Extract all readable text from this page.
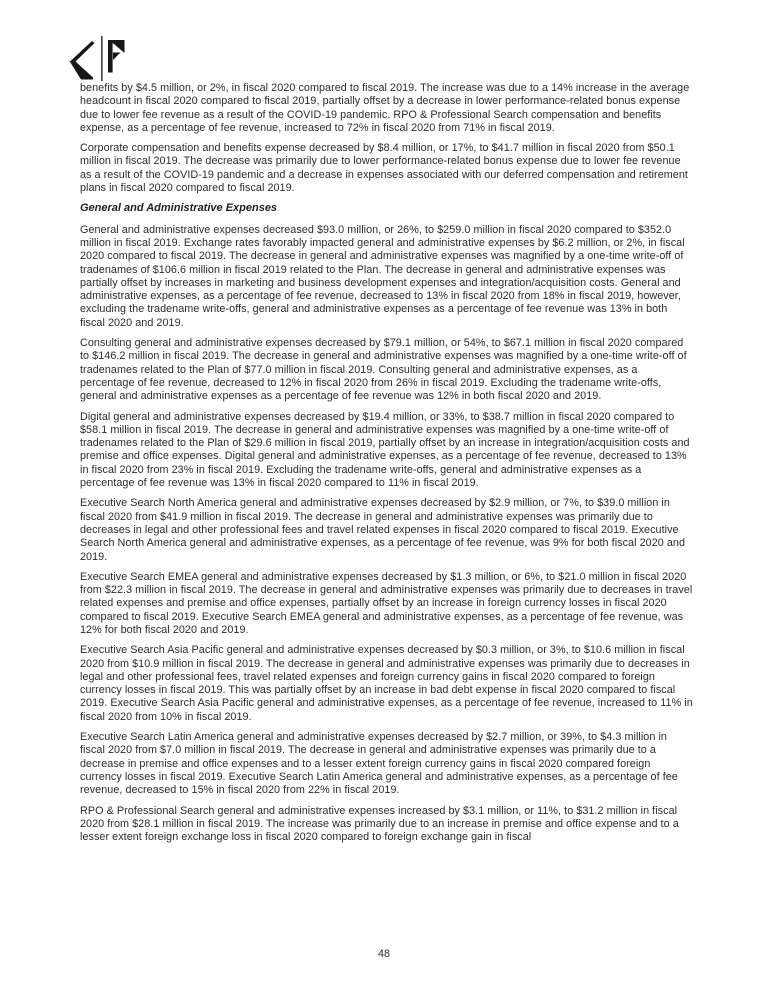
benefits by $4.5 million, or 2%, in fiscal 2020 compared to fiscal 2019. The increase was due to a 14% increase in the average headcount in fiscal 2020 compared to fiscal 2019, partially offset by a decrease in lower performance-related bonus expense due to lower fee revenue as a result of the COVID-19 pandemic. RPO & Professional Search compensation and benefits expense, as a percentage of fee revenue, increased to 72% in fiscal 2020 from 71% in fiscal 2019.

Corporate compensation and benefits expense decreased by $8.4 million, or 17%, to $41.7 million in fiscal 2020 from $50.1 million in fiscal 2019. The decrease was primarily due to lower performance-related bonus expense due to lower fee revenue as a result of the COVID-19 pandemic and a decrease in expenses associated with our deferred compensation and retirement plans in fiscal 2020 compared to fiscal 2019.

General and Administrative Expenses

General and administrative expenses decreased $93.0 million, or 26%, to $259.0 million in fiscal 2020 compared to $352.0 million in fiscal 2019. Exchange rates favorably impacted general and administrative expenses by $6.2 million, or 2%, in fiscal 2020 compared to fiscal 2019. The decrease in general and administrative expenses was magnified by a one-time write-off of tradenames of $106.6 million in fiscal 2019 related to the Plan. The decrease in general and administrative expenses was partially offset by increases in marketing and business development expenses and integration/acquisition costs. General and administrative expenses, as a percentage of fee revenue, decreased to 13% in fiscal 2020 from 18% in fiscal 2019, however, excluding the tradename write-offs, general and administrative expenses as a percentage of fee revenue was 13% in both fiscal 2020 and 2019.

Consulting general and administrative expenses decreased by $79.1 million, or 54%, to $67.1 million in fiscal 2020 compared to $146.2 million in fiscal 2019. The decrease in general and administrative expenses was magnified by a one-time write-off of tradenames related to the Plan of $77.0 million in fiscal 2019. Consulting general and administrative expenses, as a percentage of fee revenue, decreased to 12% in fiscal 2020 from 26% in fiscal 2019. Excluding the tradename write-offs, general and administrative expenses as a percentage of fee revenue was 12% in both fiscal 2020 and 2019.

Digital general and administrative expenses decreased by $19.4 million, or 33%, to $38.7 million in fiscal 2020 compared to $58.1 million in fiscal 2019. The decrease in general and administrative expenses was magnified by a one-time write-off of tradenames related to the Plan of $29.6 million in fiscal 2019, partially offset by an increase in integration/acquisition costs and premise and office expenses. Digital general and administrative expenses, as a percentage of fee revenue, decreased to 13% in fiscal 2020 from 23% in fiscal 2019. Excluding the tradename write-offs, general and administrative expenses as a percentage of fee revenue was 13% in fiscal 2020 compared to 11% in fiscal 2019.

Executive Search North America general and administrative expenses decreased by $2.9 million, or 7%, to $39.0 million in fiscal 2020 from $41.9 million in fiscal 2019. The decrease in general and administrative expenses was primarily due to decreases in legal and other professional fees and travel related expenses in fiscal 2020 compared to fiscal 2019. Executive Search North America general and administrative expenses, as a percentage of fee revenue, was 9% for both fiscal 2020 and 2019.

Executive Search EMEA general and administrative expenses decreased by $1.3 million, or 6%, to $21.0 million in fiscal 2020 from $22.3 million in fiscal 2019. The decrease in general and administrative expenses was primarily due to decreases in travel related expenses and premise and office expenses, partially offset by an increase in foreign currency losses in fiscal 2020 compared to fiscal 2019. Executive Search EMEA general and administrative expenses, as a percentage of fee revenue, was 12% for both fiscal 2020 and 2019.

Executive Search Asia Pacific general and administrative expenses decreased by $0.3 million, or 3%, to $10.6 million in fiscal 2020 from $10.9 million in fiscal 2019. The decrease in general and administrative expenses was primarily due to decreases in legal and other professional fees, travel related expenses and foreign currency gains in fiscal 2020 compared to foreign currency losses in fiscal 2019. This was partially offset by an increase in bad debt expense in fiscal 2020 compared to fiscal 2019. Executive Search Asia Pacific general and administrative expenses, as a percentage of fee revenue, increased to 11% in fiscal 2020 from 10% in fiscal 2019.

Executive Search Latin America general and administrative expenses decreased by $2.7 million, or 39%, to $4.3 million in fiscal 2020 from $7.0 million in fiscal 2019. The decrease in general and administrative expenses was primarily due to a decrease in premise and office expenses and to a lesser extent foreign currency gains in fiscal 2020 compared foreign currency losses in fiscal 2019. Executive Search Latin America general and administrative expenses, as a percentage of fee revenue, decreased to 15% in fiscal 2020 from 22% in fiscal 2019.

RPO & Professional Search general and administrative expenses increased by $3.1 million, or 11%, to $31.2 million in fiscal 2020 from $28.1 million in fiscal 2019. The increase was primarily due to an increase in premise and office expense and to a lesser extent foreign exchange loss in fiscal 2020 compared to foreign exchange gain in fiscal

48
